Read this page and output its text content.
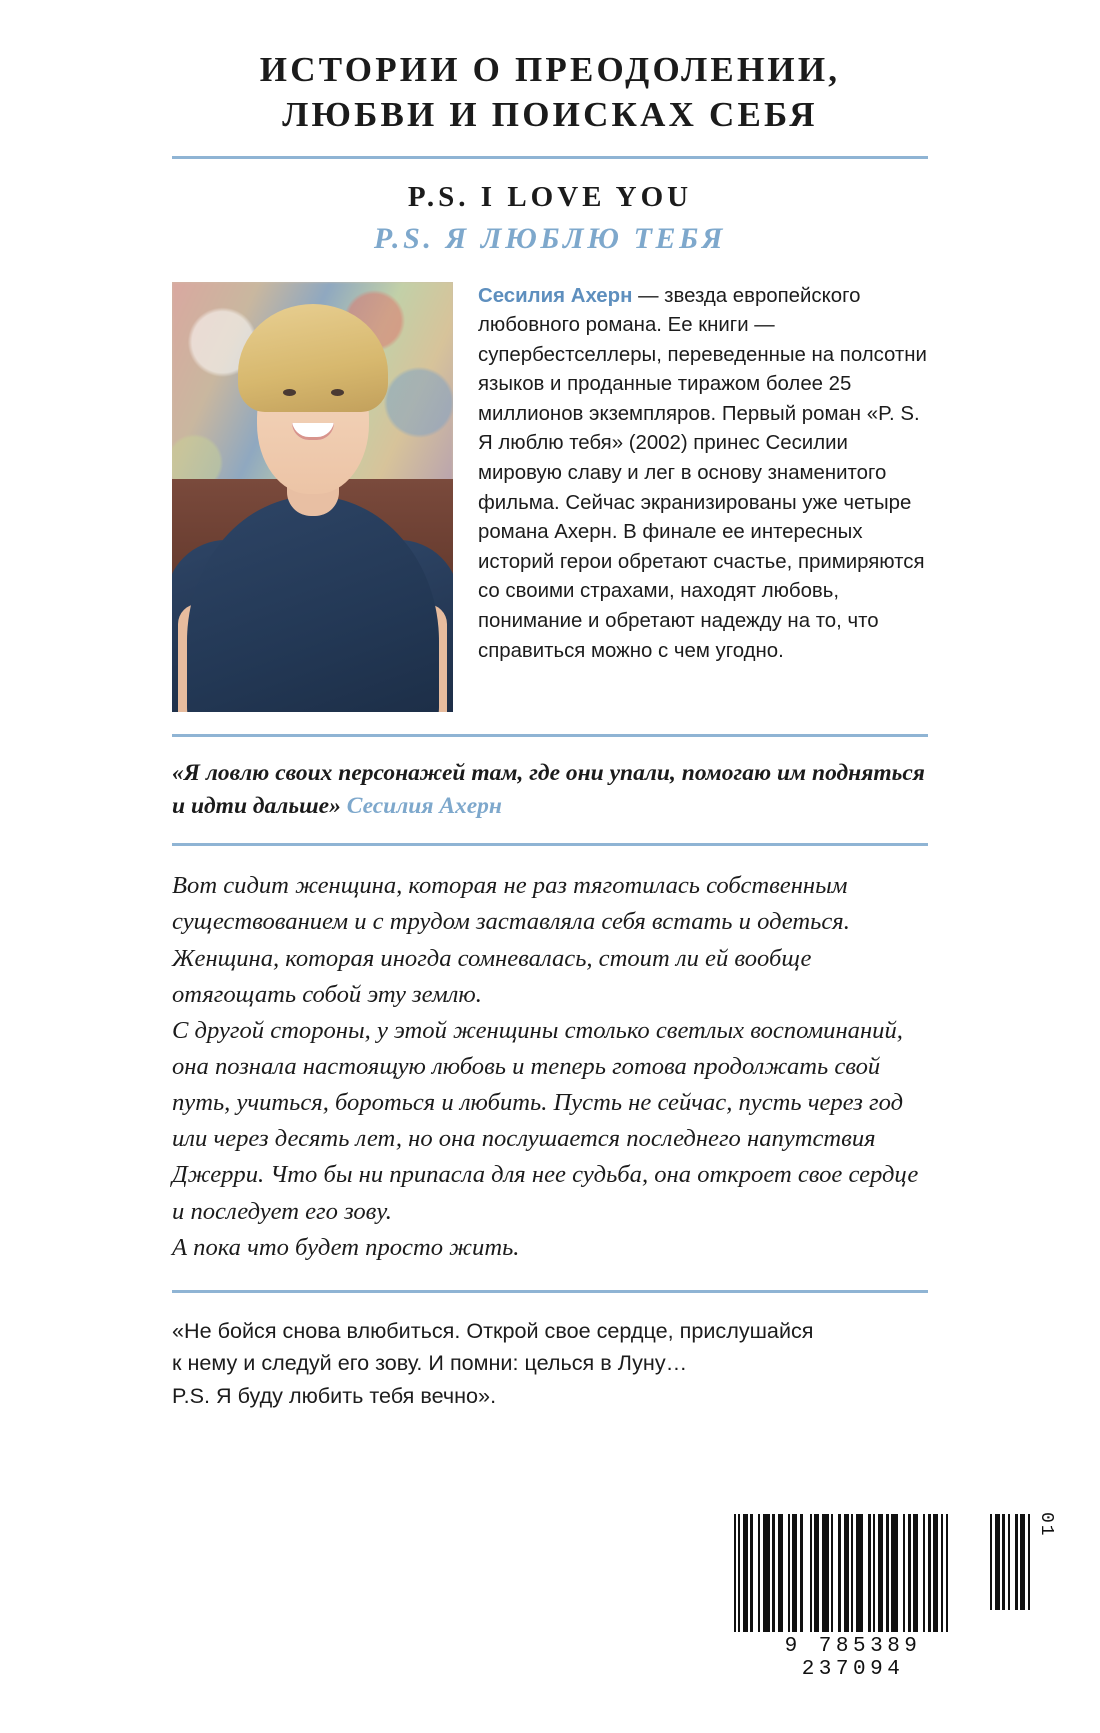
ИСТОРИИ О ПРЕОДОЛЕНИИ,
ЛЮБВИ И ПОИСКАХ СЕБЯ
P.S. I LOVE YOU
P.S. Я ЛЮБЛЮ ТЕБЯ
Сесилия Ахерн — звезда европейского любовного романа. Ее книги — супербестселлеры, переведенные на полсотни языков и проданные тиражом более 25 миллионов экземпляров. Первый роман «P. S. Я люблю тебя» (2002) принес Сесилии мировую славу и лег в основу знаменитого фильма. Сейчас экранизированы уже четыре романа Ахерн. В финале ее интересных историй герои обретают счастье, примиряются со своими страхами, находят любовь, понимание и обретают надежду на то, что справиться можно с чем угодно.
«Я ловлю своих персонажей там, где они упали, помогаю им подняться и идти дальше» Сесилия Ахерн

Вот сидит женщина, которая не раз тяготилась собственным существованием и с трудом заставляла себя встать и одеться. Женщина, которая иногда сомневалась, стоит ли ей вообще отягощать собой эту землю.

С другой стороны, у этой женщины столько светлых воспоминаний, она познала настоящую любовь и теперь готова продолжать свой путь, учиться, бороться и любить. Пусть не сейчас, пусть через год или через десять лет, но она послушается последнего напутствия Джерри. Что бы ни припасла для нее судьба, она откроет свое сердце и последует его зову.

А пока что будет просто жить.

«Не бойся снова влюбиться. Открой свое сердце, прислушайся

к нему и следуй его зову. И помни: целься в Луну…

P.S. Я буду любить тебя вечно».

9 785389 237094
01
